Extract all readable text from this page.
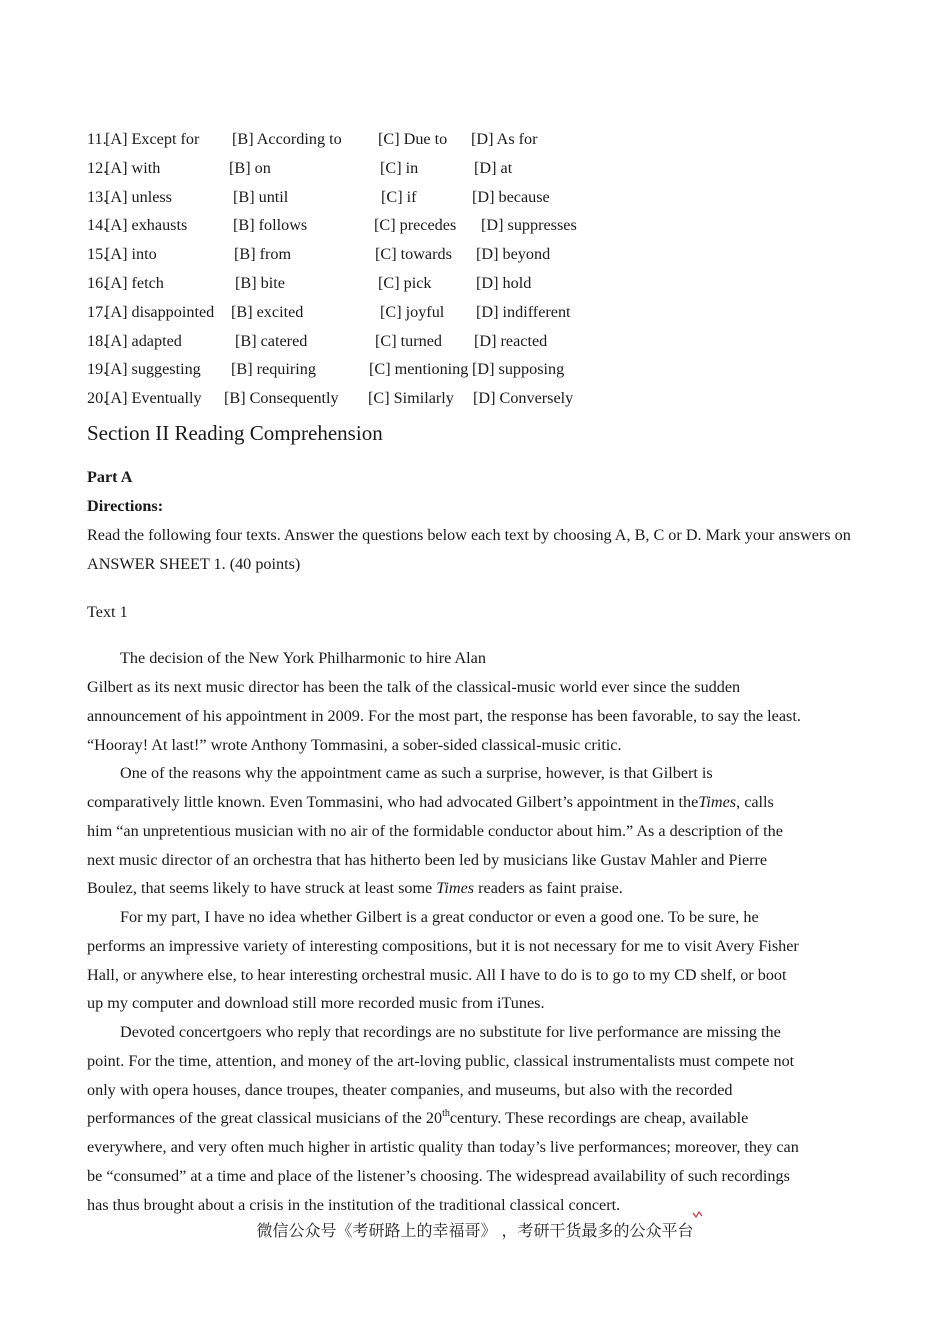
11.
[A] Except for [B] According to [C] Due to [D] As for
12.
[A] with	[B] on	[C] in	[D] at
13.
[A] unless	[B] until	[C] if	[D] because
14.
[A] exhausts	[B] follows	[C] precedes [D] suppresses
15.
[A] into	[B] from	[C] towards [D] beyond
16.
[A] fetch	[B] bite	[C] pick	[D] hold
17.
[A] disappointed [B] excited	[C] joyful [D] indifferent
18.
[A] adapted	[B] catered	[C] turned [D] reacted
19.
[A] suggesting [B] requiring	[C] mentioning [D] supposing
20.
[A] Eventually [B] Consequently [C] Similarly [D] Conversely
Section II Reading Comprehension
Part A
Directions:
Read the following four texts. Answer the questions below each text by choosing A, B, C or D. Mark your answers on ANSWER SHEET 1. (40 points)
Text 1
The decision of the New York Philharmonic to hire Alan
Gilbert as its next music director has been the talk of the classical-music world ever since the sudden
announcement of his appointment in 2009. For the most part, the response has been favorable, to say the least.
“Hooray! At last!” wrote Anthony Tommasini, a sober-sided classical-music critic.
One of the reasons why the appointment came as such a surprise, however, is that Gilbert is
comparatively little known. Even Tommasini, who had advocated Gilbert’s appointment in theTimes, calls
him “an unpretentious musician with no air of the formidable conductor about him.” As a description of the
next music director of an orchestra that has hitherto been led by musicians like Gustav Mahler and Pierre
Boulez, that seems likely to have struck at least some Times readers as faint praise.
For my part, I have no idea whether Gilbert is a great conductor or even a good one. To be sure, he
performs an impressive variety of interesting compositions, but it is not necessary for me to visit Avery Fisher
Hall, or anywhere else, to hear interesting orchestral music. All I have to do is to go to my CD shelf, or boot
up my computer and download still more recorded music from iTunes.
Devoted concertgoers who reply that recordings are no substitute for live performance are missing the
point. For the time, attention, and money of the art-loving public, classical instrumentalists must compete not
only with opera houses, dance troupes, theater companies, and museums, but also with the recorded
performances of the great classical musicians of the 20thcentury. These recordings are cheap, available
everywhere, and very often much higher in artistic quality than today’s live performances; moreover, they can
be “consumed” at a time and place of the listener’s choosing. The widespread availability of such recordings
has thus brought about a crisis in the institution of the traditional classical concert.
微信公众号《考研路上的幸福哥》 ，考研干货最多的公众平台
